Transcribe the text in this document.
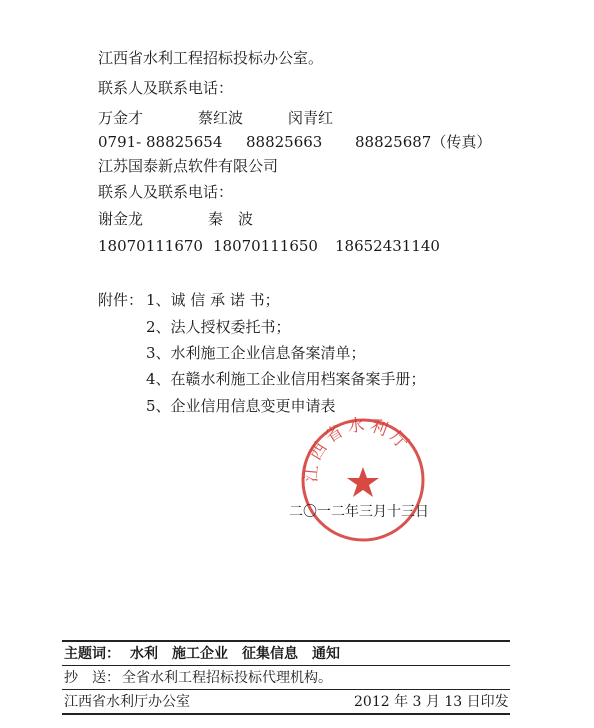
江西省水利工程招标投标办公室。
联系人及联系电话：
万金才	蔡红波	闵青红
0791- 88825654 88825663 88825687（传真）
江苏国泰新点软件有限公司
联系人及联系电话：
谢金龙	秦　波
18070111670 18070111650 18652431140
附件： 1、诚 信 承 诺 书；
2、法人授权委托书；
3、水利施工企业信息备案清单；
4、在赣水利施工企业信用档案备案手册；
5、企业信用信息变更申请表
江西省水利厅
二〇一二年三月十三日
主题词： 水利　施工企业　征集信息　通知
抄　送： 全省水利工程招标投标代理机构。
江西省水利厅办公室	2012 年 3 月 13 日印发
